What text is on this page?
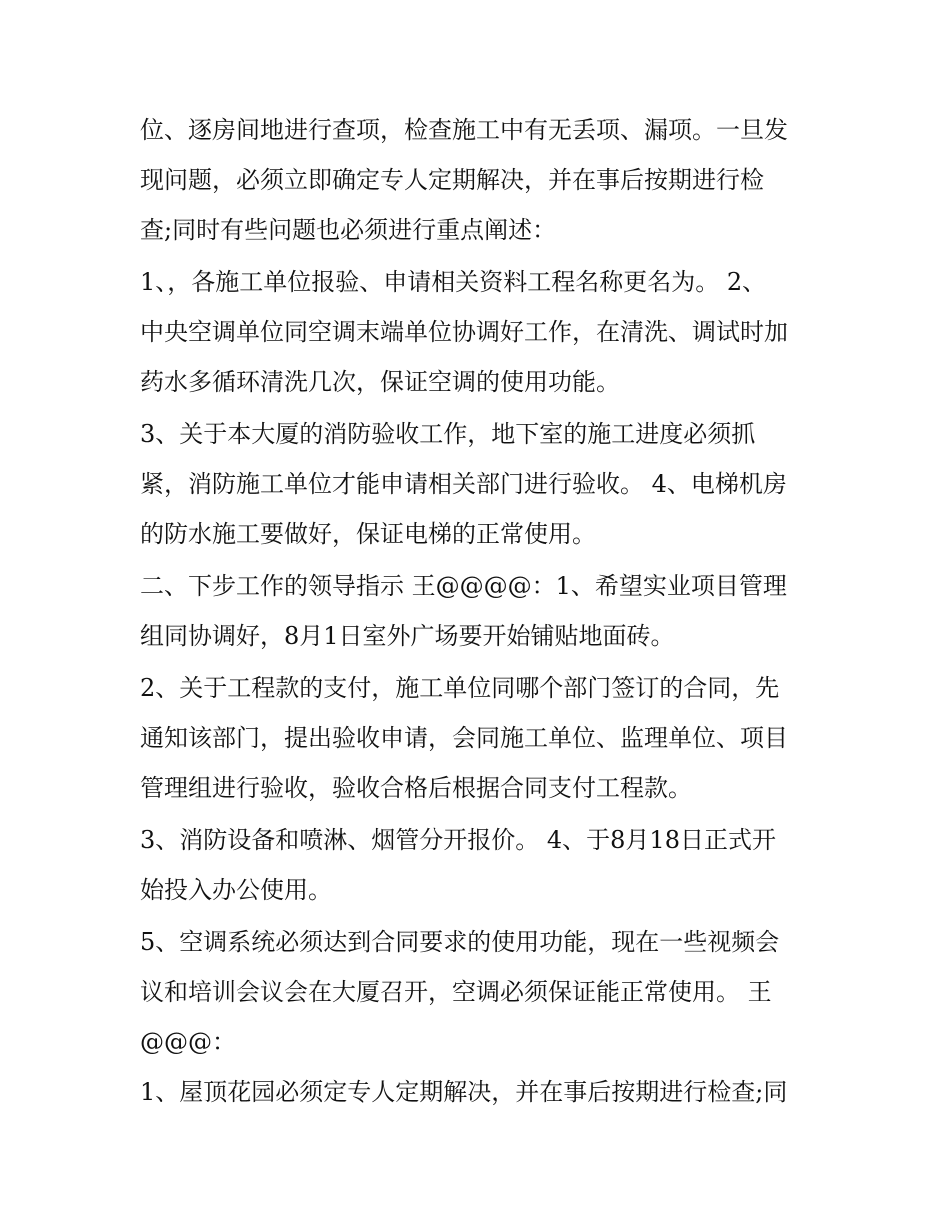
位、逐房间地进行查项，检查施工中有无丢项、漏项。一旦发
现问题，必须立即确定专人定期解决，并在事后按期进行检
查;同时有些问题也必须进行重点阐述：
1、，各施工单位报验、申请相关资料工程名称更名为。 2、
中央空调单位同空调末端单位协调好工作，在清洗、调试时加
药水多循环清洗几次，保证空调的使用功能。
3、关于本大厦的消防验收工作，地下室的施工进度必须抓
紧，消防施工单位才能申请相关部门进行验收。 4、电梯机房
的防水施工要做好，保证电梯的正常使用。
二、下步工作的领导指示 王@@@@：1、希望实业项目管理
组同协调好，8月1日室外广场要开始铺贴地面砖。
2、关于工程款的支付，施工单位同哪个部门签订的合同，先
通知该部门，提出验收申请，会同施工单位、监理单位、项目
管理组进行验收，验收合格后根据合同支付工程款。
3、消防设备和喷淋、烟管分开报价。 4、于8月18日正式开
始投入办公使用。
5、空调系统必须达到合同要求的使用功能，现在一些视频会
议和培训会议会在大厦召开，空调必须保证能正常使用。 王
@@@：
1、屋顶花园必须定专人定期解决，并在事后按期进行检查;同
